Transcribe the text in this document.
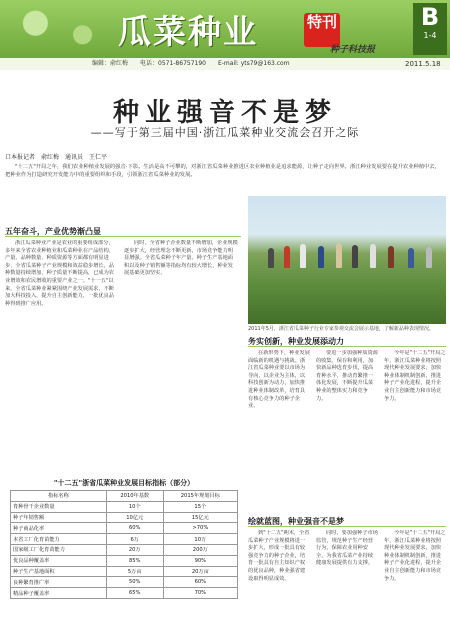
瓜菜种业	特刊
种子科技报
B
1-4
编辑：俞红梅　　电话：0571-86757190　　E-mail: yts79@163.com	2011.5.18
种业强音不是梦
——写于第三届中国·浙江瓜菜种业交流会召开之际
口本报记者　俞红梅　通讯员　王仁平
"十二五"开局之年，我们农业种植业发展的强音·下影。生活是高不可攀的，对浙江省瓜菜种业推进区农业种植业是追求能源，让种子走向世界。浙江种业发展要在提升农业种植中去，把种业作为打造研究开发能力中的重要组织和手段，引领浙江省瓜菜种业的发展。
五年奋斗，产业优势渐凸显
浙江瓜菜种业产业是农业的重要组成部分，多年来全省农业种植业和瓜菜种业在产品结构、产量、品种数量、种质资源等方面都有明显进步，全省瓜菜种子产业规模和效益稳步增长，品种数量持续增加，种子质量不断提高，已成为农业增效和农民增收的重要产业之一。"十一五"以来，全省瓜菜种业紧紧围绕产业发展需求，不断加大科技投入，提升自主创新能力，一批优良品种得到推广应用。
同时，全省种子企业数量不断增加，企业规模逐步扩大，经营理念不断更新，市场竞争能力明显增强。全省瓜菜种子年产量、种子生产基地面积以及种子销售额等指标均有较大增长，种业发展基础更加坚实。
2011年5月，浙江省瓜菜种子行业专家参观交流会展示基地，了解新品种表现情况。
务实创新，种业发展添动力
在新形势下，种业发展面临新的机遇与挑战。浙江省瓜菜种业要以市场为导向，以企业为主体，以科技创新为动力，加快推进种业体制改革，培育具有核心竞争力的种子企业。
要进一步加强种质资源的收集、保存和利用，加快新品种选育步伐，提高育种水平，推动育繁推一体化发展，不断提升瓜菜种业的整体实力和竞争力。
今年是"十二五"开局之年，浙江瓜菜种业将按照现代种业发展要求，加快种业体制机制创新，推进种子产业化进程，提升企业自主创新能力和市场竞争力。
绘就蓝图，种业强音不是梦
到"十二五"期末，全省瓜菜种子产业规模将进一步扩大，形成一批具有较强竞争力的种子企业，培育一批具有自主知识产权的优良品种，种业强省建设取得明显成效。
同时，要加强种子市场监管，规范种子生产经营行为，保障农业用种安全，为我省瓜菜产业持续健康发展提供有力支撑。
今年是"十二五"开局之年，浙江瓜菜种业将按照现代种业发展要求，加快种业体制机制创新，推进种子产业化进程，提升企业自主创新能力和市场竞争力。
"十二五"浙省瓜菜种业发展目标指标（部分）
指标名称	2010年基数	2015年规划目标
育种骨干企业数量	10个	15个
种子年销售额	10亿元	15亿元
种子商品化率	60%	>70%
本省工厂化育苗能力	6万	10万
国家级工厂化育苗能力	20万	200万
优良品种覆盖率	85%	90%
种子生产基地面积	5万亩	20万亩
良种繁育推广率	50%	60%
精品种子覆盖率	65%	70%
